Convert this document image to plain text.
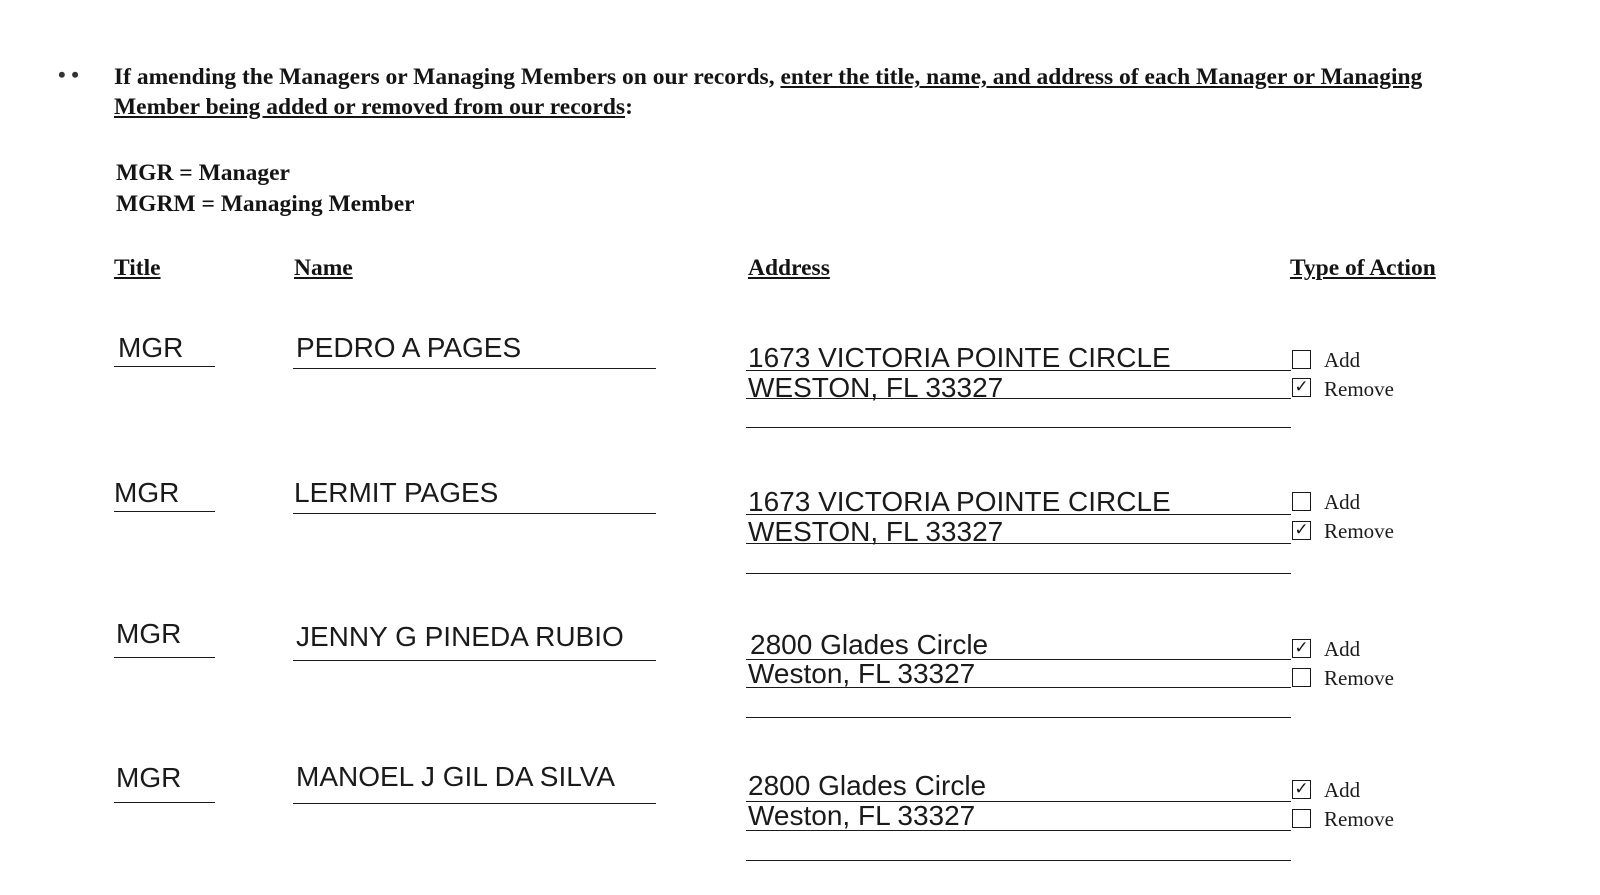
• • If amending the Managers or Managing Members on our records, enter the title, name, and address of each Manager or Managing Member being added or removed from our records:
MGR = Manager
MGRM = Managing Member
Title	Name	Address	Type of Action
MGR	PEDRO A PAGES	1673 VICTORIA POINTE CIRCLE
WESTON, FL 33327
Add
✓ Remove
MGR	LERMIT PAGES	1673 VICTORIA POINTE CIRCLE
WESTON, FL 33327
Add
✓ Remove
MGR	JENNY G PINEDA RUBIO	2800 Glades Circle
Weston, FL 33327
✓ Add
Remove
MGR	MANOEL J GIL DA SILVA	2800 Glades Circle
Weston, FL 33327
✓ Add
Remove
